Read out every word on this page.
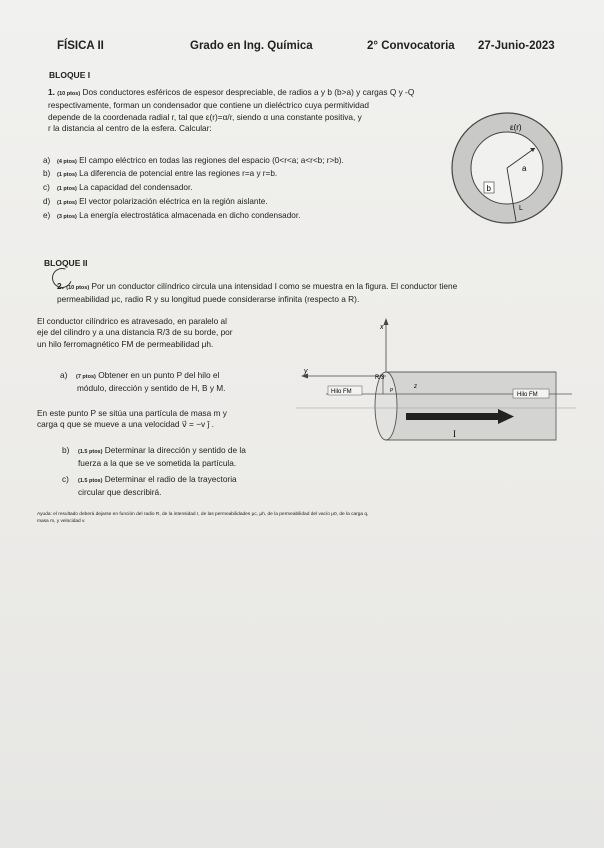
FÍSICA II	Grado en Ing. Química	2° Convocatoria 27-Junio-2023
BLOQUE I
1. (10 ptos) Dos conductores esféricos de espesor despreciable, de radios a y b (b>a) y cargas Q y -Q
respectivamente, forman un condensador que contiene un dieléctrico cuya permitividad
depende de la coordenada radial r, tal que ε(r)=α/r, siendo α una constante positiva, y
r la distancia al centro de la esfera. Calcular:
a) (4 ptos) El campo eléctrico en todas las regiones del espacio (0<r<a; a<r<b; r>b).
b) (1 ptos) La diferencia de potencial entre las regiones r=a y r=b.
c) (1 ptos) La capacidad del condensador.
d) (1 ptos) El vector polarización eléctrica en la región aislante.
e) (3 ptos) La energía electrostática almacenada en dicho condensador.
ε(r)
a
b
L
BLOQUE II
2. (10 ptos) Por un conductor cilíndrico circula una intensidad I como se muestra en la figura. El conductor tiene
permeabilidad μc, radio R y su longitud puede considerarse infinita (respecto a R).
El conductor cilíndrico es atravesado, en paralelo al
eje del cilindro y a una distancia R/3 de su borde, por
un hilo ferromagnético FM de permeabilidad μh.
a) (7 ptos) Obtener en un punto P del hilo el
módulo, dirección y sentido de H, B y M.
En este punto P se sitúa una partícula de masa m y
carga q que se mueve a una velocidad v⃗ = −v ĵ .
b) (1.5 ptos) Determinar la dirección y sentido de la
fuerza a la que se ve sometida la partícula.
c) (1.5 ptos) Determinar el radio de la trayectoria
circular que describirá.
x
y
Hilo FM	Hilo FM
R/3
P
z
I
Ayuda: el resultado deberá dejarse en función del radio R, de la intensidad I, de las permeabilidades μc, μh, de la permeabilidad del vacío μ0, de la carga q,
masa m, y velocidad v.
